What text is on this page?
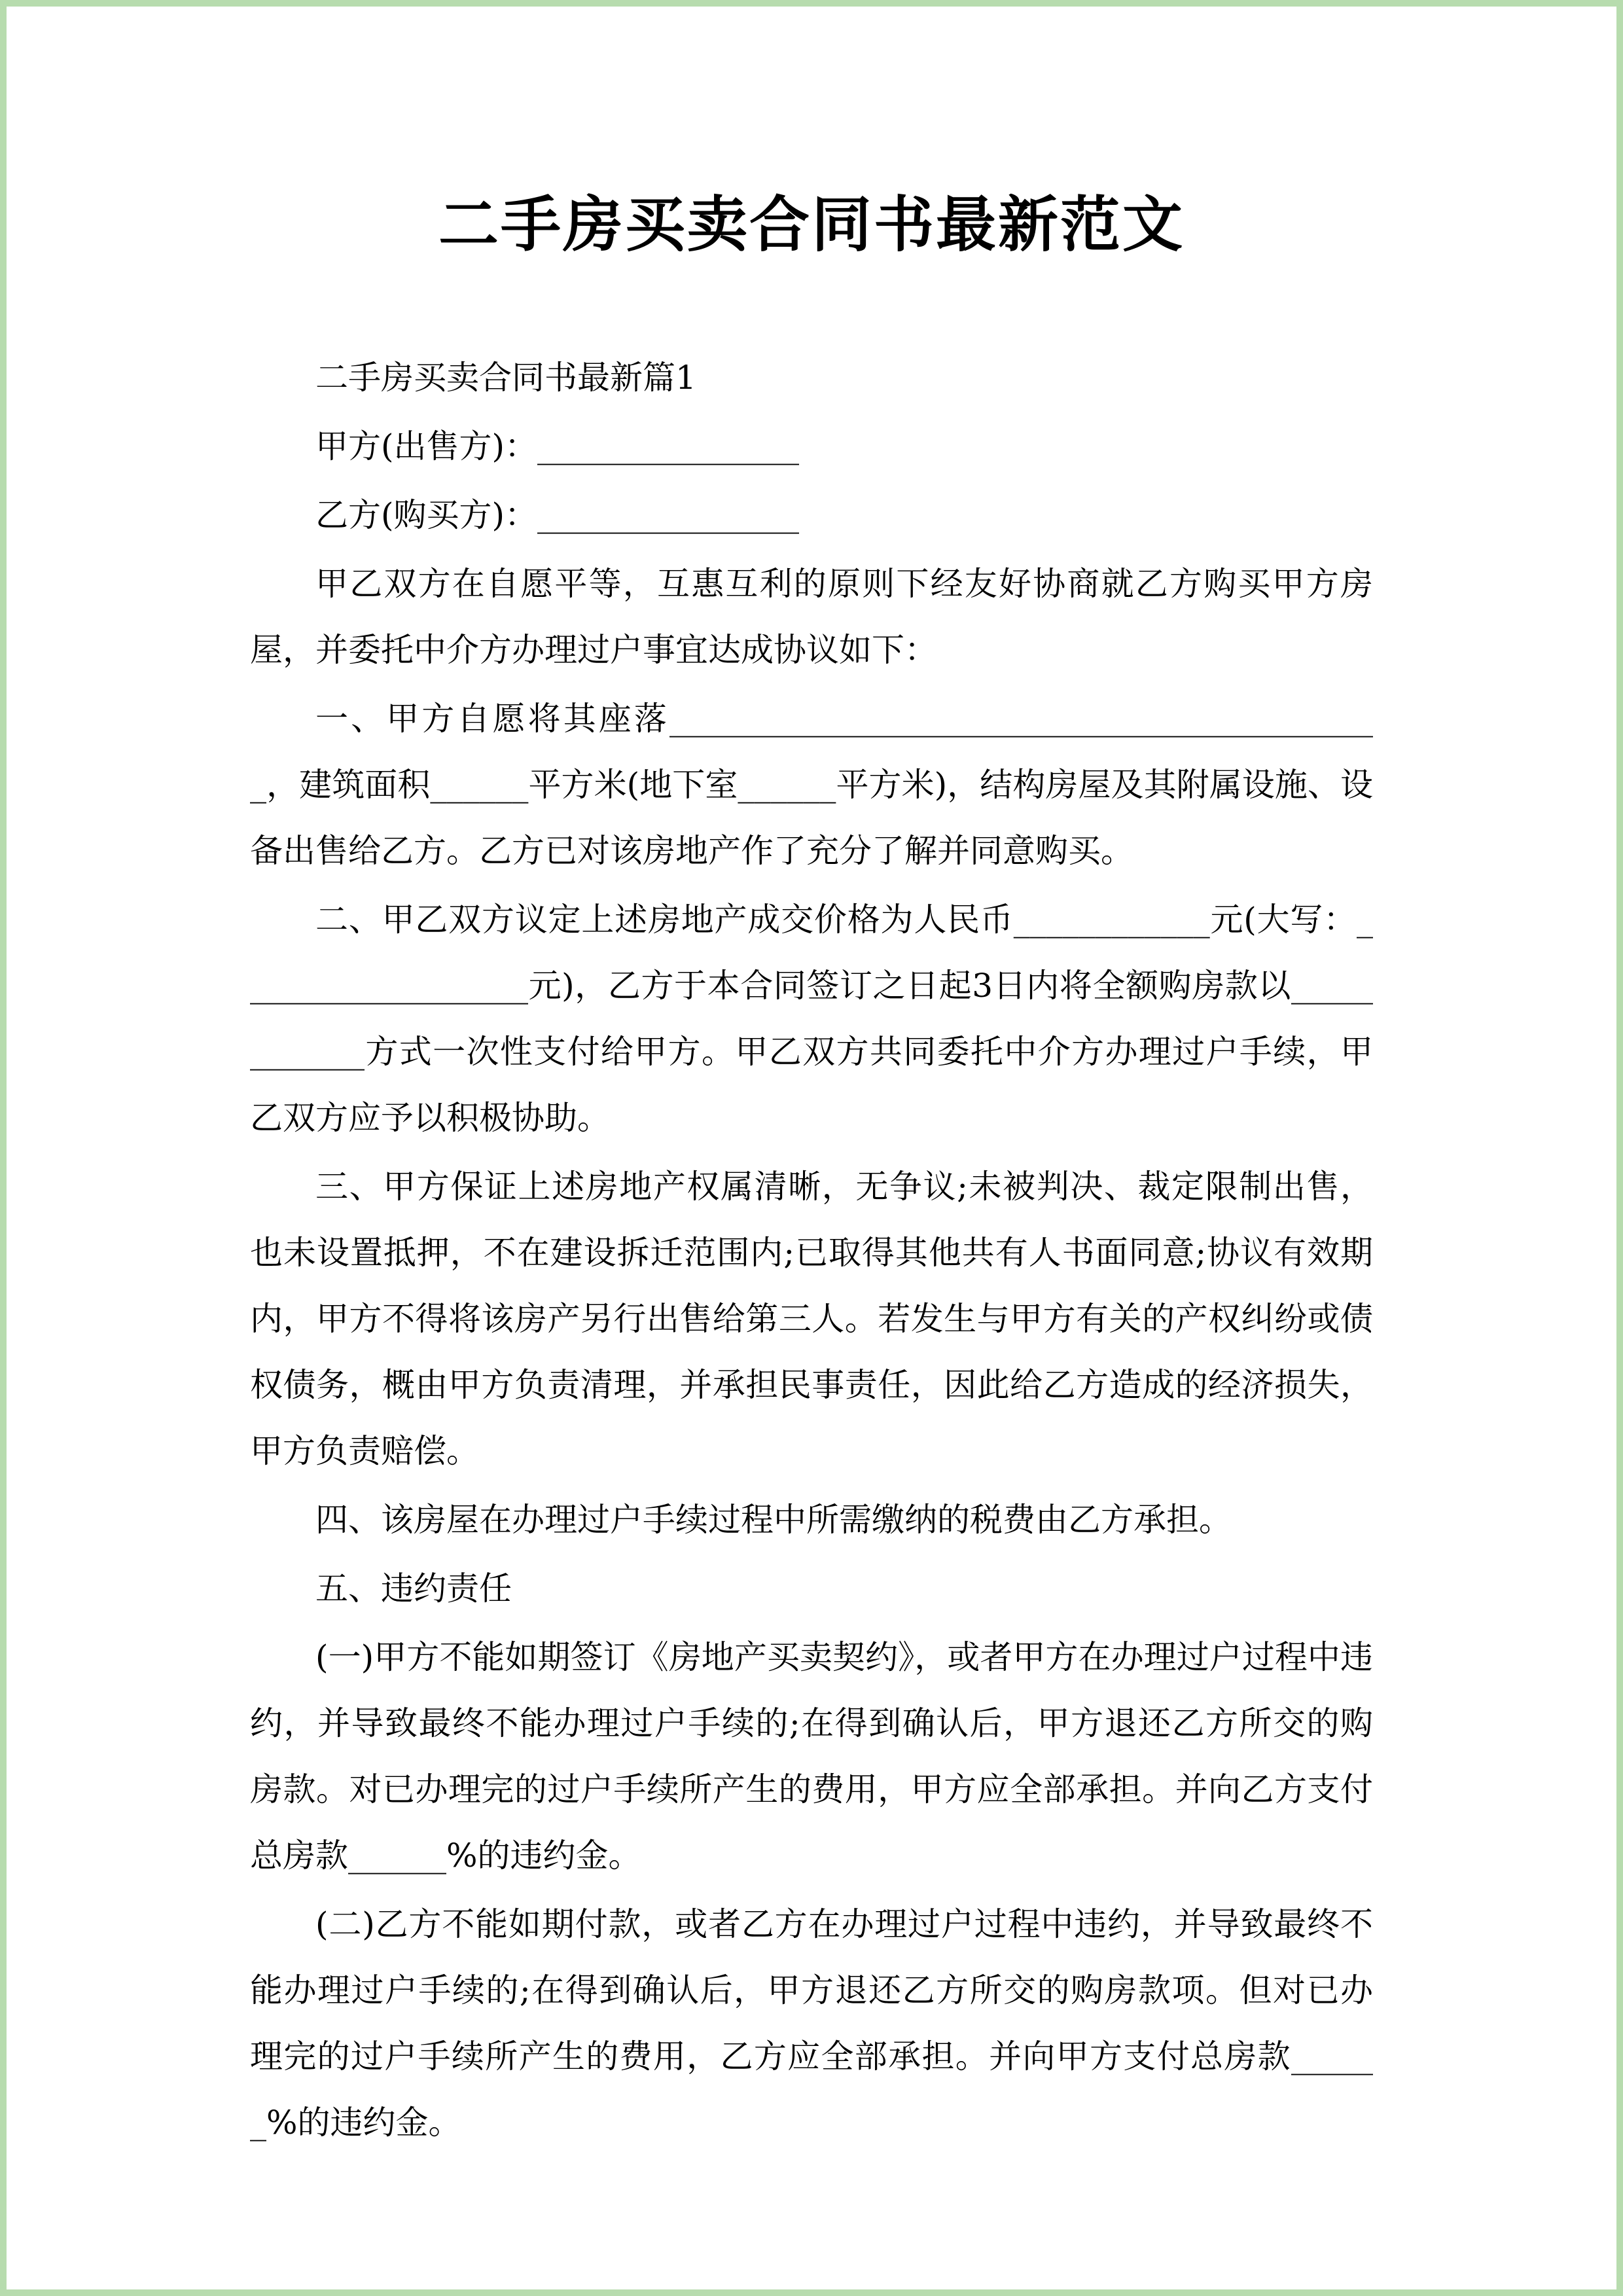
二手房买卖合同书最新范文

二手房买卖合同书最新篇1

甲方(出售方)：________________

乙方(购买方)：________________

甲乙双方在自愿平等，互惠互利的原则下经友好协商就乙方购买甲方房屋，并委托中介方办理过户事宜达成协议如下：

一、甲方自愿将其座落____________________________________________，建筑面积______平方米(地下室______平方米)，结构房屋及其附属设施、设备出售给乙方。乙方已对该房地产作了充分了解并同意购买。

二、甲乙双方议定上述房地产成交价格为人民币____________元(大写：__________________元)，乙方于本合同签订之日起3日内将全额购房款以____________方式一次性支付给甲方。甲乙双方共同委托中介方办理过户手续，甲乙双方应予以积极协助。

三、甲方保证上述房地产权属清晰，无争议;未被判决、裁定限制出售，也未设置抵押，不在建设拆迁范围内;已取得其他共有人书面同意;协议有效期内，甲方不得将该房产另行出售给第三人。若发生与甲方有关的产权纠纷或债权债务，概由甲方负责清理，并承担民事责任，因此给乙方造成的经济损失，甲方负责赔偿。

四、该房屋在办理过户手续过程中所需缴纳的税费由乙方承担。

五、违约责任

(一)甲方不能如期签订《房地产买卖契约》，或者甲方在办理过户过程中违约，并导致最终不能办理过户手续的;在得到确认后，甲方退还乙方所交的购房款。对已办理完的过户手续所产生的费用，甲方应全部承担。并向乙方支付总房款______%的违约金。

(二)乙方不能如期付款，或者乙方在办理过户过程中违约，并导致最终不能办理过户手续的;在得到确认后，甲方退还乙方所交的购房款项。但对已办理完的过户手续所产生的费用，乙方应全部承担。并向甲方支付总房款______%的违约金。
